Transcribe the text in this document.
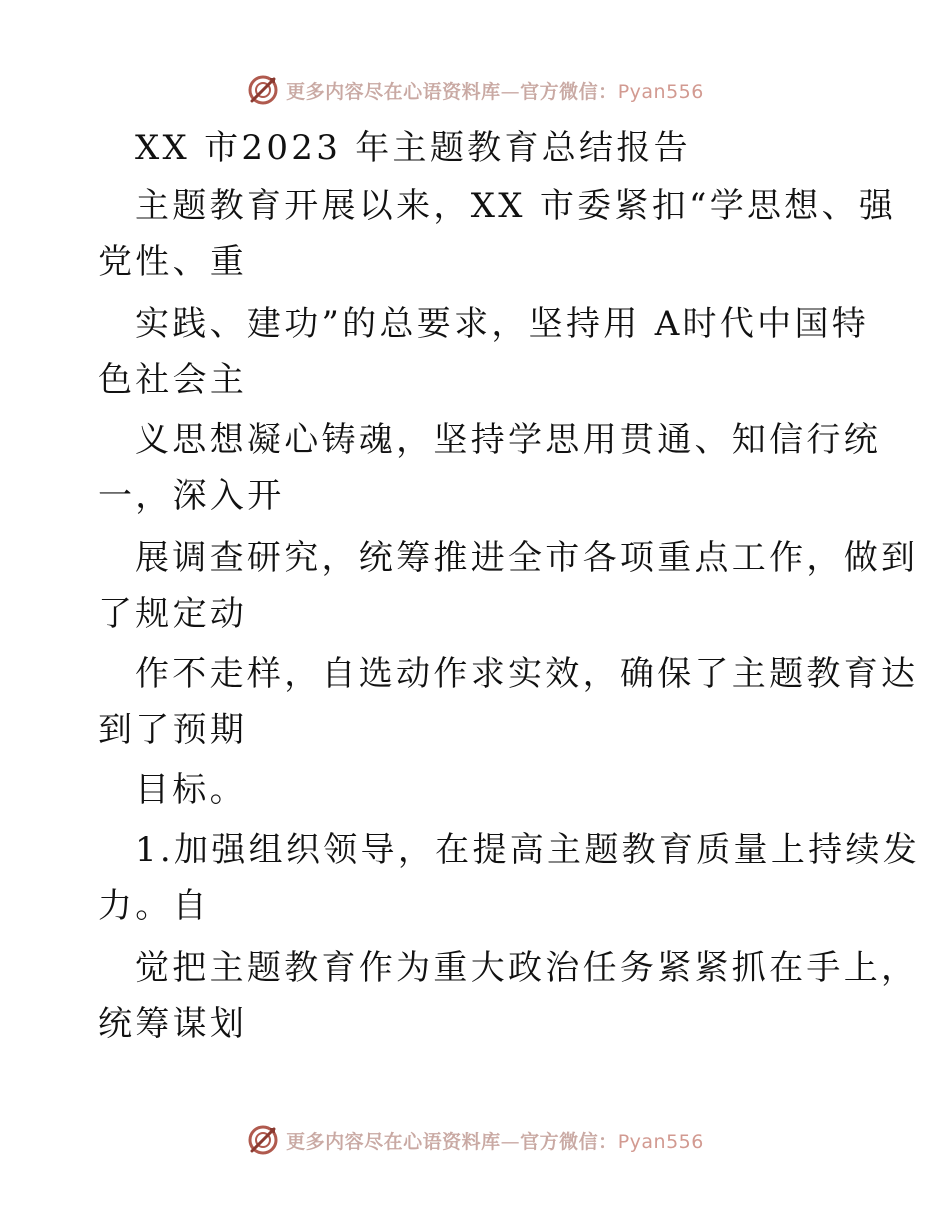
更多内容尽在心语资料库—官方微信：Pyan556
XX 市2023 年主题教育总结报告
主题教育开展以来，XX 市委紧扣“学思想、强
党性、重
实践、建功”的总要求，坚持用 A时代中国特
色社会主
义思想凝心铸魂，坚持学思用贯通、知信行统
一，深入开
展调查研究，统筹推进全市各项重点工作，做到
了规定动
作不走样，自选动作求实效，确保了主题教育达
到了预期
目标。
1.加强组织领导，在提高主题教育质量上持续发
力。自
觉把主题教育作为重大政治任务紧紧抓在手上，
统筹谋划
更多内容尽在心语资料库—官方微信：Pyan556
